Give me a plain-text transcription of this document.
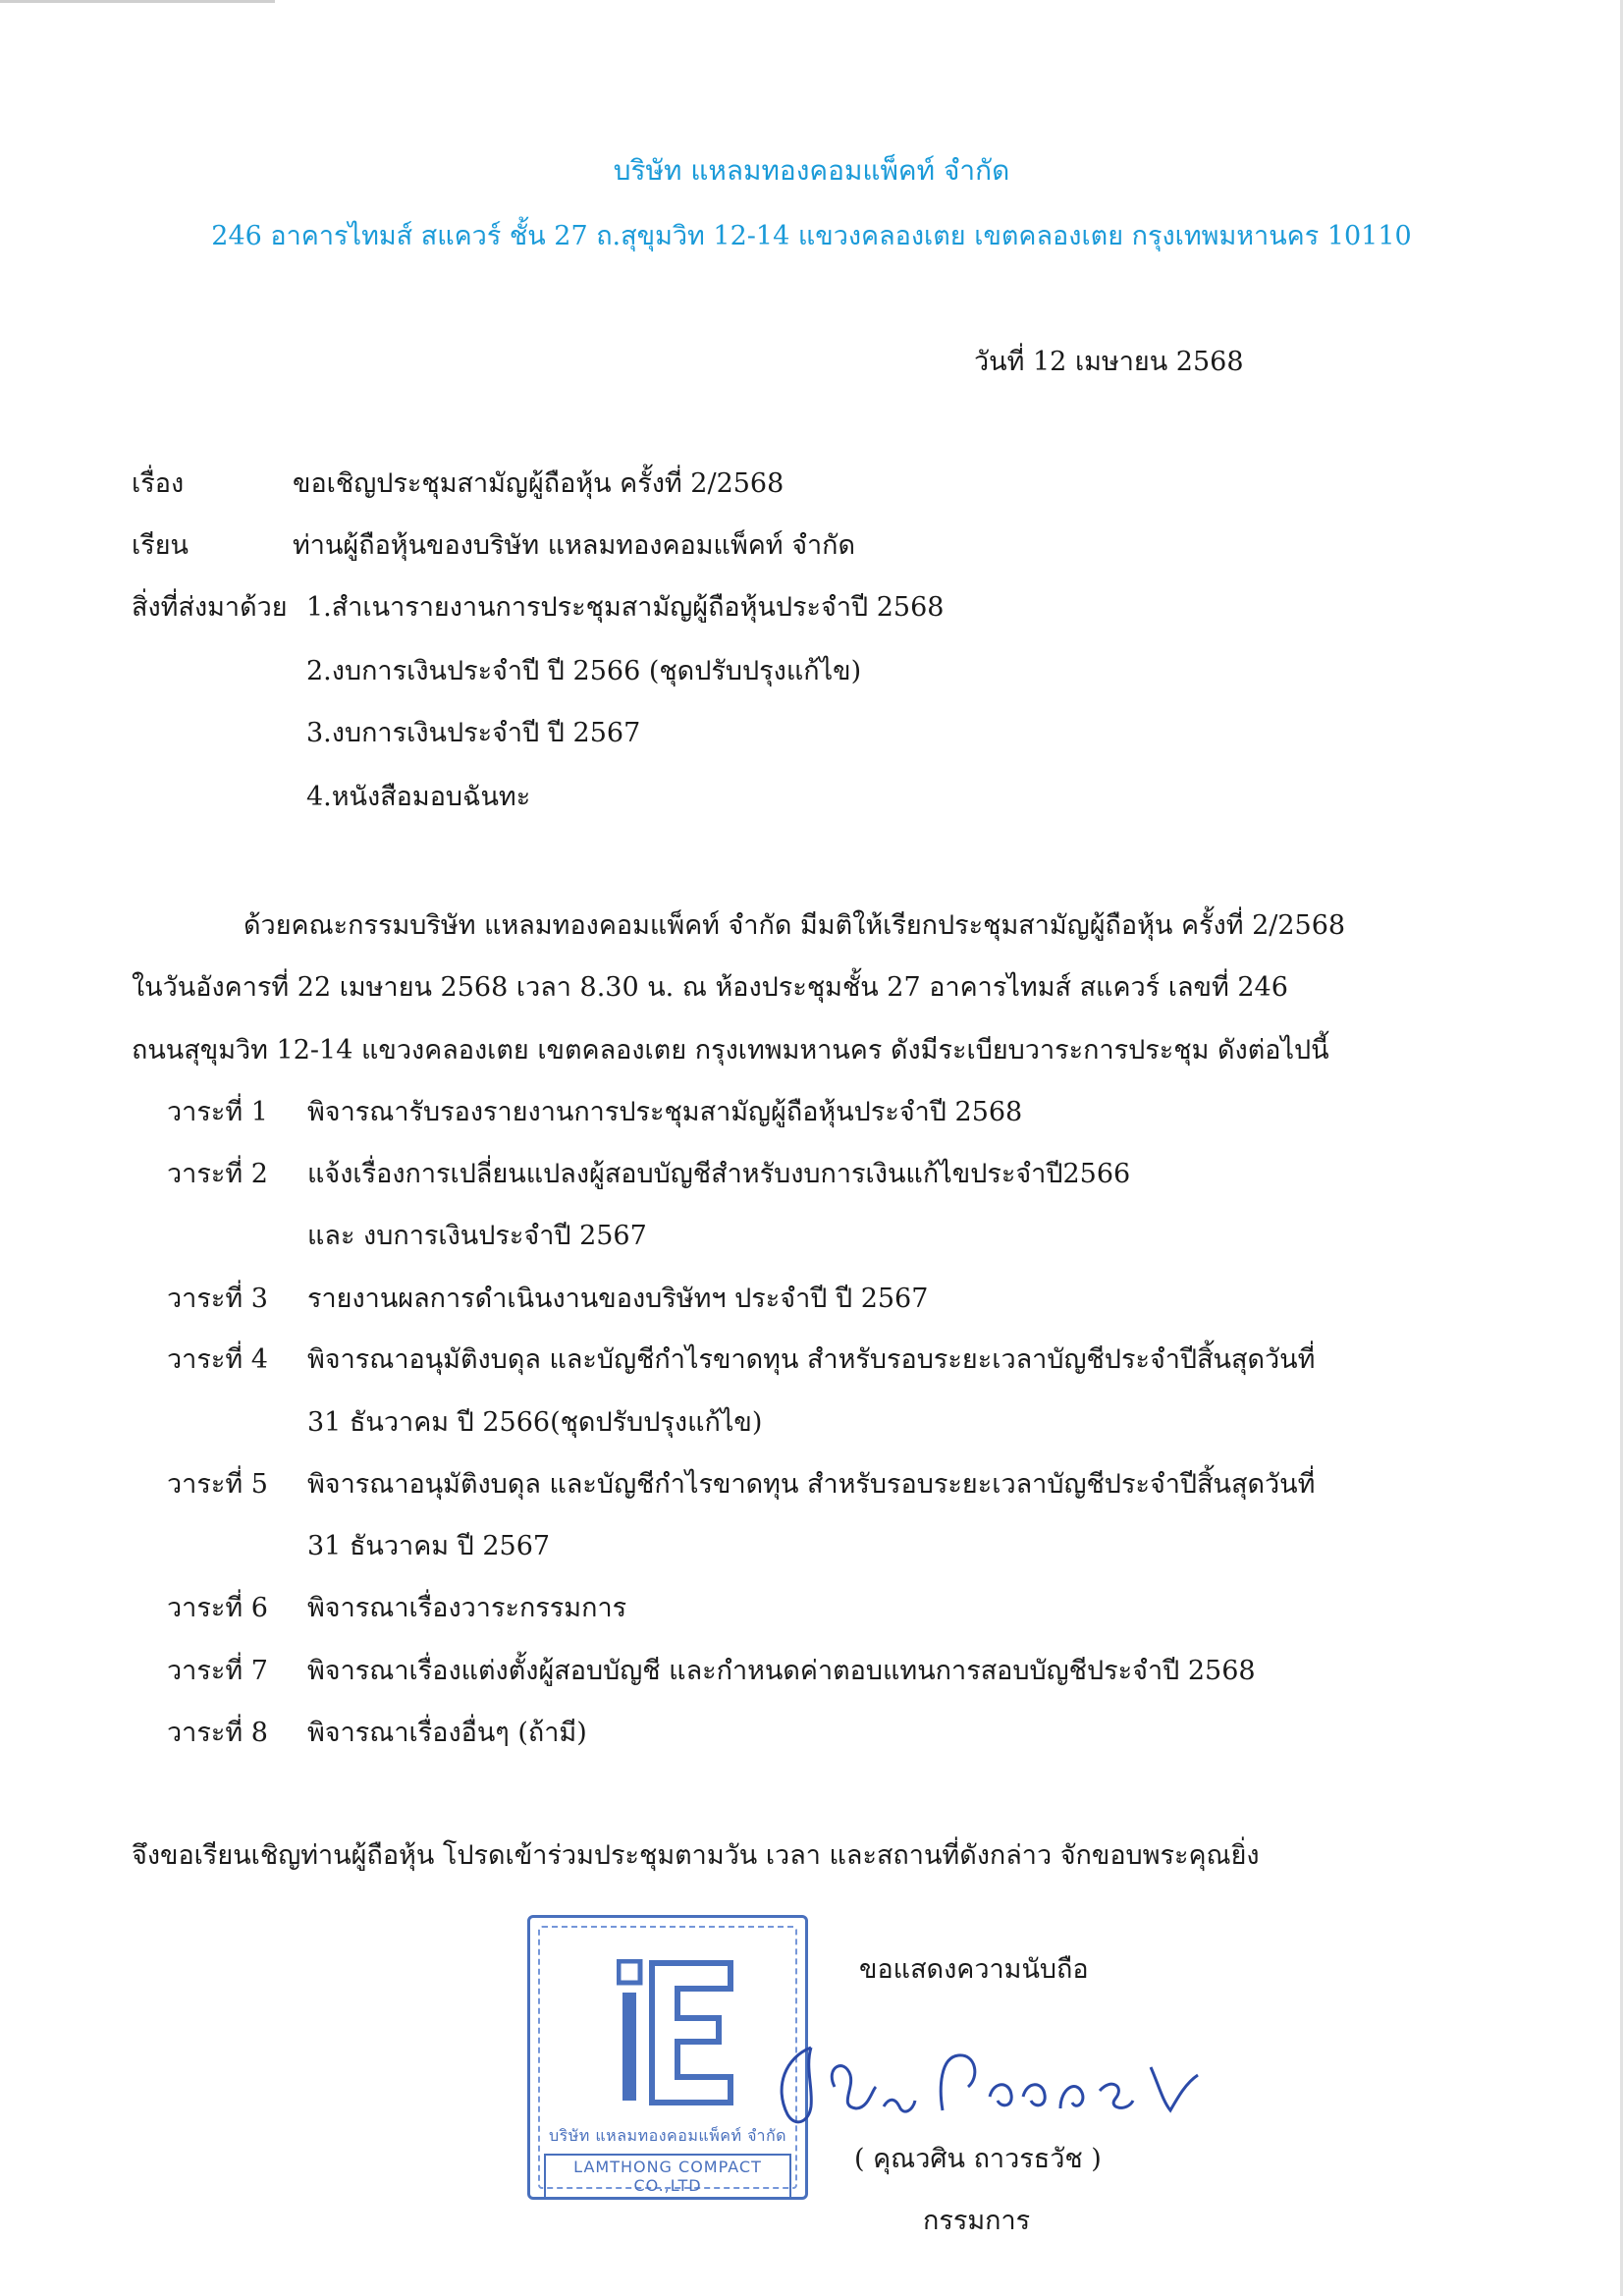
บริษัท แหลมทองคอมแพ็คท์ จำกัด
246 อาคารไทมส์ สแควร์ ชั้น 27 ถ.สุขุมวิท 12-14 แขวงคลองเตย เขตคลองเตย กรุงเทพมหานคร 10110
วันที่ 12 เมษายน 2568
เรื่อง	ขอเชิญประชุมสามัญผู้ถือหุ้น ครั้งที่ 2/2568
เรียน	ท่านผู้ถือหุ้นของบริษัท แหลมทองคอมแพ็คท์ จำกัด
สิ่งที่ส่งมาด้วย 1.สำเนารายงานการประชุมสามัญผู้ถือหุ้นประจำปี 2568
2.งบการเงินประจำปี ปี 2566 (ชุดปรับปรุงแก้ไข)
3.งบการเงินประจำปี ปี 2567
4.หนังสือมอบฉันทะ
ด้วยคณะกรรมบริษัท แหลมทองคอมแพ็คท์ จำกัด มีมติให้เรียกประชุมสามัญผู้ถือหุ้น ครั้งที่ 2/2568
ในวันอังคารที่ 22 เมษายน 2568 เวลา 8.30 น. ณ ห้องประชุมชั้น 27 อาคารไทมส์ สแควร์ เลขที่ 246
ถนนสุขุมวิท 12-14 แขวงคลองเตย เขตคลองเตย กรุงเทพมหานคร ดังมีระเบียบวาระการประชุม ดังต่อไปนี้
วาระที่ 1 พิจารณารับรองรายงานการประชุมสามัญผู้ถือหุ้นประจำปี 2568
วาระที่ 2 แจ้งเรื่องการเปลี่ยนแปลงผู้สอบบัญชีสำหรับงบการเงินแก้ไขประจำปี2566
และ งบการเงินประจำปี 2567
วาระที่ 3 รายงานผลการดำเนินงานของบริษัทฯ ประจำปี ปี 2567
วาระที่ 4 พิจารณาอนุมัติงบดุล และบัญชีกำไรขาดทุน สำหรับรอบระยะเวลาบัญชีประจำปีสิ้นสุดวันที่
31 ธันวาคม ปี 2566(ชุดปรับปรุงแก้ไข)
วาระที่ 5 พิจารณาอนุมัติงบดุล และบัญชีกำไรขาดทุน สำหรับรอบระยะเวลาบัญชีประจำปีสิ้นสุดวันที่
31 ธันวาคม ปี 2567
วาระที่ 6 พิจารณาเรื่องวาระกรรมการ
วาระที่ 7 พิจารณาเรื่องแต่งตั้งผู้สอบบัญชี และกำหนดค่าตอบแทนการสอบบัญชีประจำปี 2568
วาระที่ 8 พิจารณาเรื่องอื่นๆ (ถ้ามี)
จึงขอเรียนเชิญท่านผู้ถือหุ้น โปรดเข้าร่วมประชุมตามวัน เวลา และสถานที่ดังกล่าว จักขอบพระคุณยิ่ง
บริษัท แหลมทองคอมแพ็คท์ จำกัด
LAMTHONG COMPACT CO.,LTD
ขอแสดงความนับถือ
( คุณวศิน ถาวรธวัช )
กรรมการ
